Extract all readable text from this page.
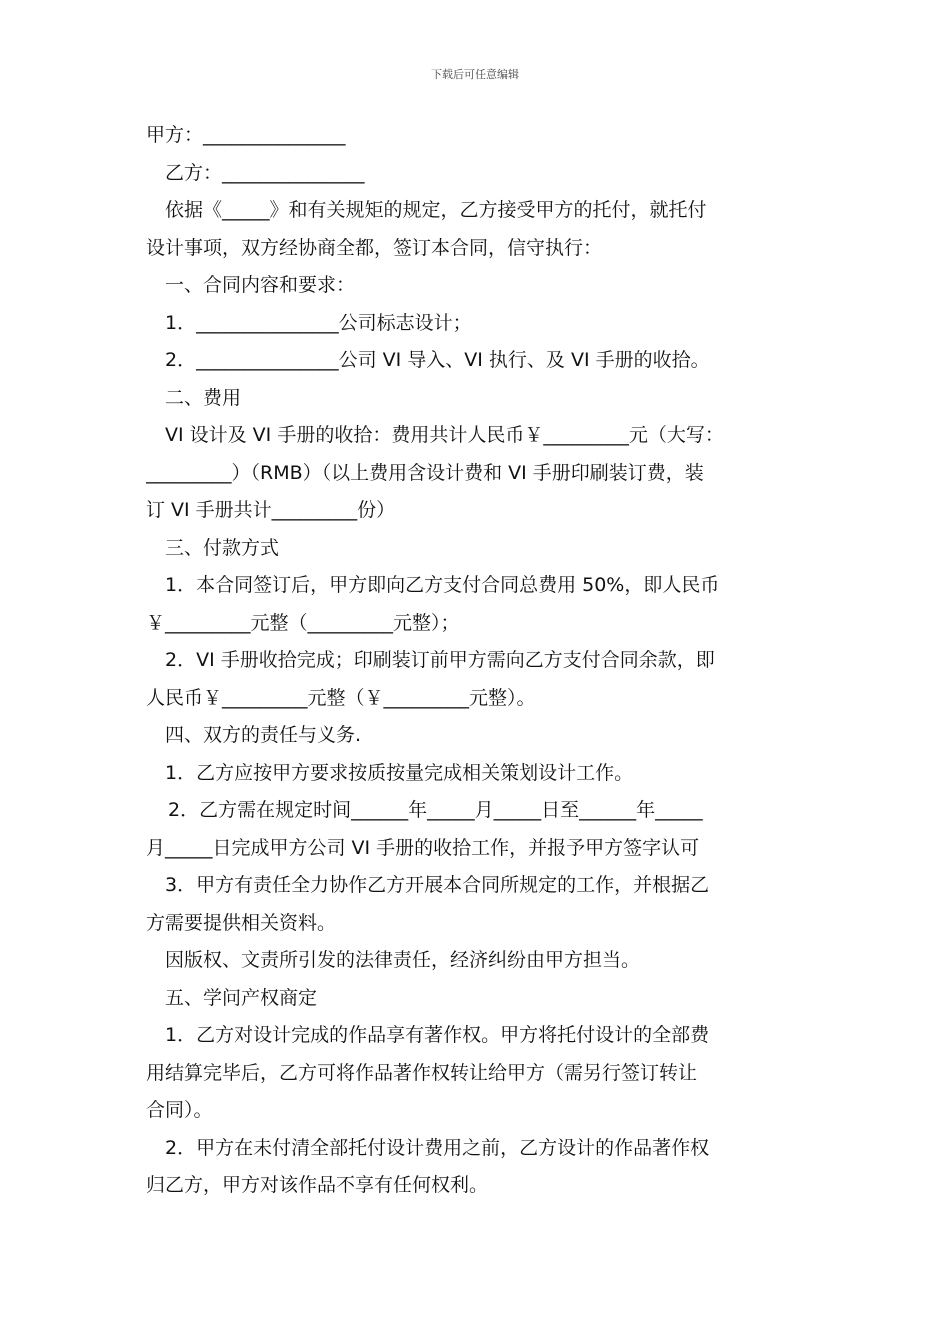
下载后可任意编辑
甲方：_______________
乙方：_______________
依据《_____》和有关规矩的规定，乙方接受甲方的托付，就托付
设计事项，双方经协商全都，签订本合同，信守执行：
一、合同内容和要求：
1．_______________公司标志设计；
2．_______________公司 VI 导入、VI 执行、及 VI 手册的收拾。
二、费用
VI 设计及 VI 手册的收拾：费用共计人民币￥_________元（大写：
_________）（RMB）（以上费用含设计费和 VI 手册印刷装订费，装
订 VI 手册共计_________份）
三、付款方式
1．本合同签订后，甲方即向乙方支付合同总费用 50%，即人民币
￥_________元整（_________元整）；
2．VI 手册收拾完成；印刷装订前甲方需向乙方支付合同余款，即
人民币￥_________元整（￥_________元整）。
四、双方的责任与义务.
1．乙方应按甲方要求按质按量完成相关策划设计工作。
2．乙方需在规定时间______年_____月_____日至______年_____
月_____日完成甲方公司 VI 手册的收拾工作，并报予甲方签字认可
3．甲方有责任全力协作乙方开展本合同所规定的工作，并根据乙
方需要提供相关资料。
因版权、文责所引发的法律责任，经济纠纷由甲方担当。
五、学问产权商定
1．乙方对设计完成的作品享有著作权。甲方将托付设计的全部费
用结算完毕后，乙方可将作品著作权转让给甲方（需另行签订转让
合同）。
2．甲方在未付清全部托付设计费用之前，乙方设计的作品著作权
归乙方，甲方对该作品不享有任何权利。
